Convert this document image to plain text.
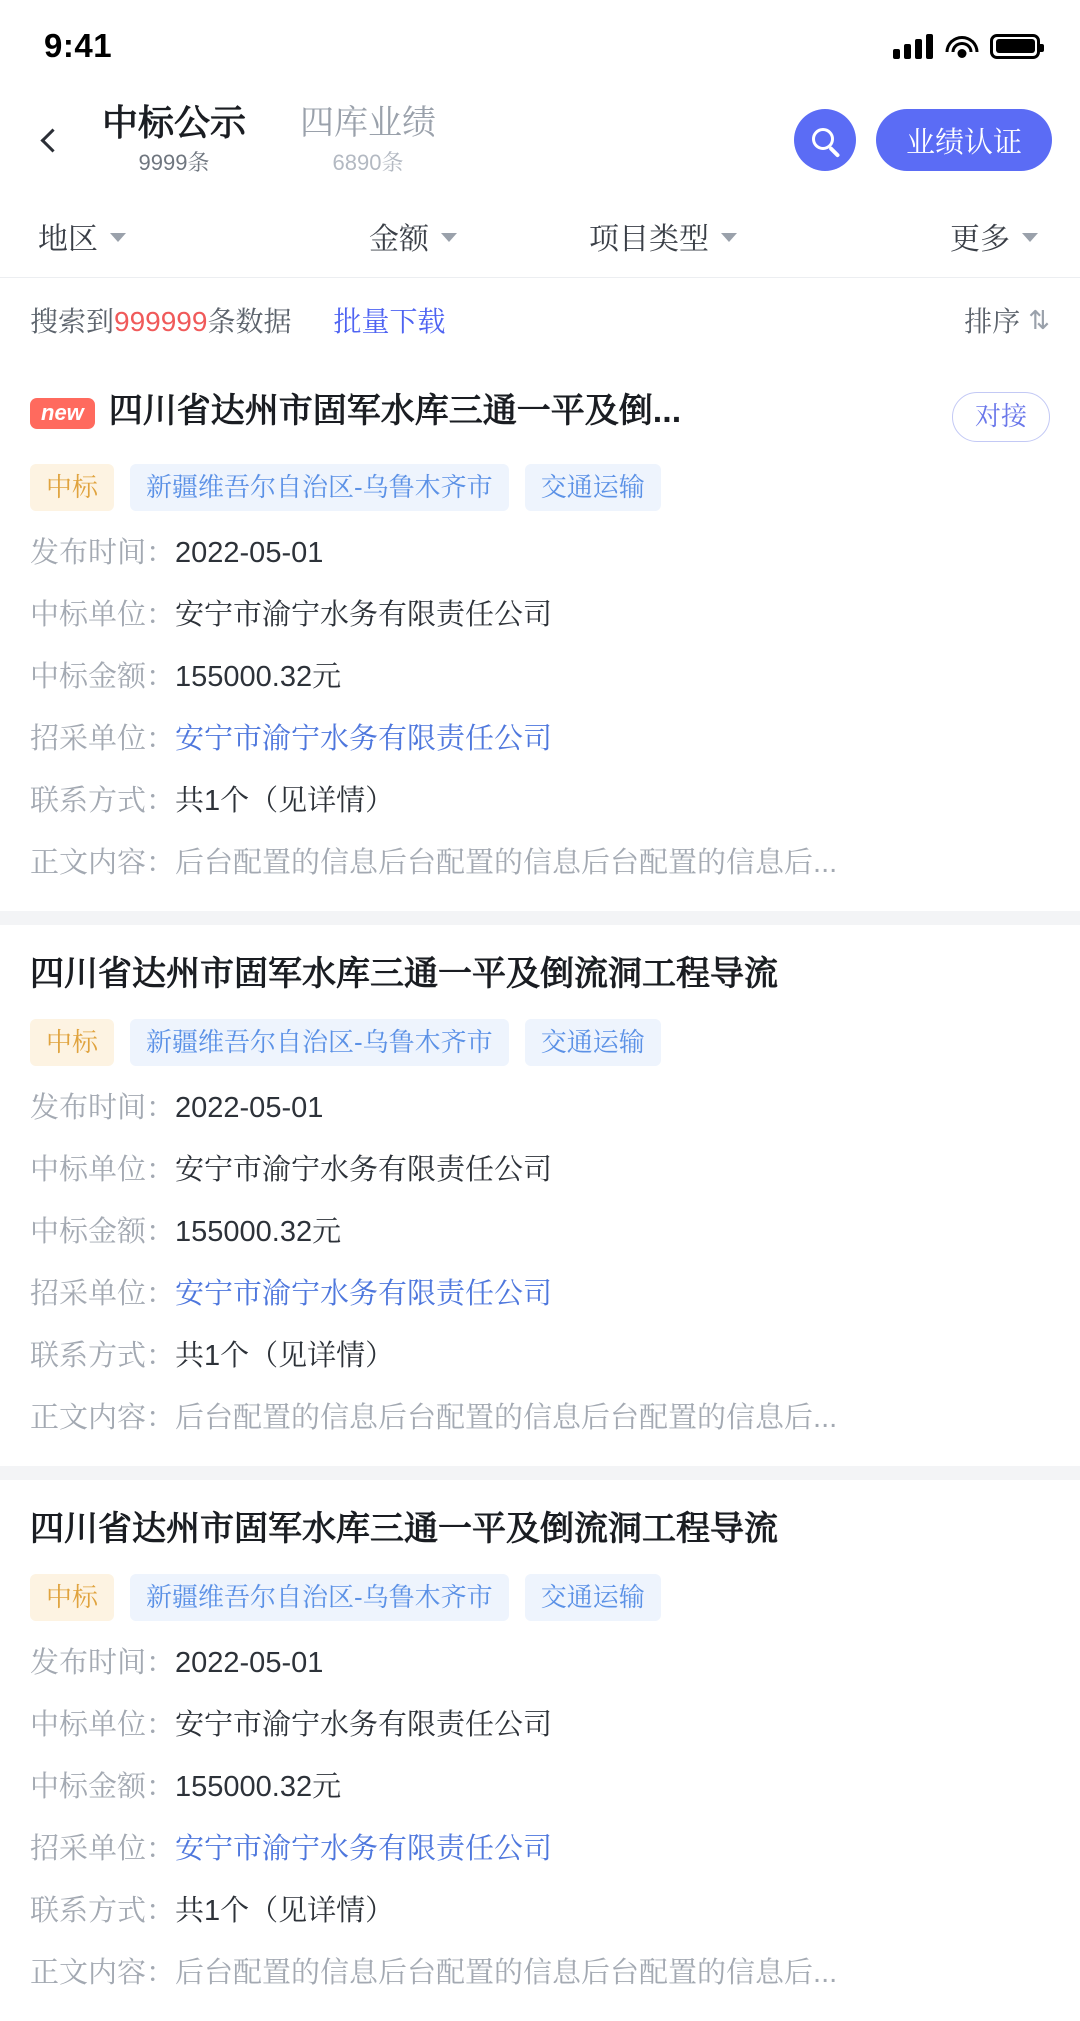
9:41
中标公示
9999条
四库业绩
6890条
业绩认证
地区	金额	项目类型	更多
搜索到999999条数据 批量下载	排序 ⇅
new 四川省达州市固军水库三通一平及倒...	对接
中标	新疆维吾尔自治区-乌鲁木齐市	交通运输
发布时间： 2022-05-01
中标单位： 安宁市渝宁水务有限责任公司
中标金额： 155000.32元
招采单位： 安宁市渝宁水务有限责任公司
联系方式： 共1个（见详情）
正文内容： 后台配置的信息后台配置的信息后台配置的信息后...
四川省达州市固军水库三通一平及倒流洞工程导流
中标	新疆维吾尔自治区-乌鲁木齐市	交通运输
发布时间： 2022-05-01
中标单位： 安宁市渝宁水务有限责任公司
中标金额： 155000.32元
招采单位： 安宁市渝宁水务有限责任公司
联系方式： 共1个（见详情）
正文内容： 后台配置的信息后台配置的信息后台配置的信息后...
四川省达州市固军水库三通一平及倒流洞工程导流
中标	新疆维吾尔自治区-乌鲁木齐市	交通运输
发布时间： 2022-05-01
中标单位： 安宁市渝宁水务有限责任公司
中标金额： 155000.32元
招采单位： 安宁市渝宁水务有限责任公司
联系方式： 共1个（见详情）
正文内容： 后台配置的信息后台配置的信息后台配置的信息后...
